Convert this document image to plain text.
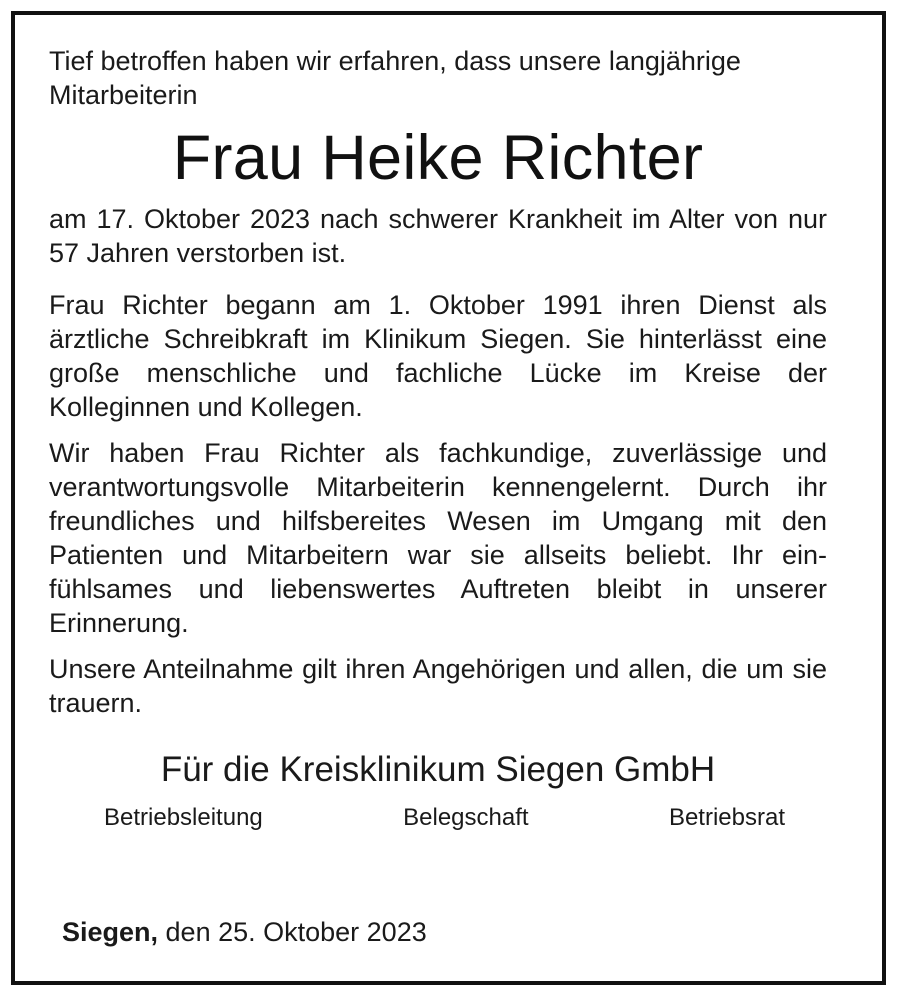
Tief betroffen haben wir erfahren, dass unsere langjährige Mitarbeiterin

Frau Heike Richter

am 17. Oktober 2023 nach schwerer Krankheit im Alter von nur 57 Jahren verstorben ist.

Frau Richter begann am 1. Oktober 1991 ihren Dienst als ärztliche Schreibkraft im Klinikum Siegen. Sie hinterlässt eine große menschliche und fachliche Lücke im Kreise der Kolleginnen und Kollegen.

Wir haben Frau Richter als fachkundige, zuverlässige und verantwortungsvolle Mitarbeiterin kennengelernt. Durch ihr freundliches und hilfsbereites Wesen im Umgang mit den Patienten und Mitarbeitern war sie allseits beliebt. Ihr einfühlsames und liebenswertes Auftreten bleibt in unserer Erinnerung.

Unsere Anteilnahme gilt ihren Angehörigen und allen, die um sie trauern.

Für die Kreisklinikum Siegen GmbH
Betriebsleitung	Belegschaft	Betriebsrat
Siegen, den 25. Oktober 2023
